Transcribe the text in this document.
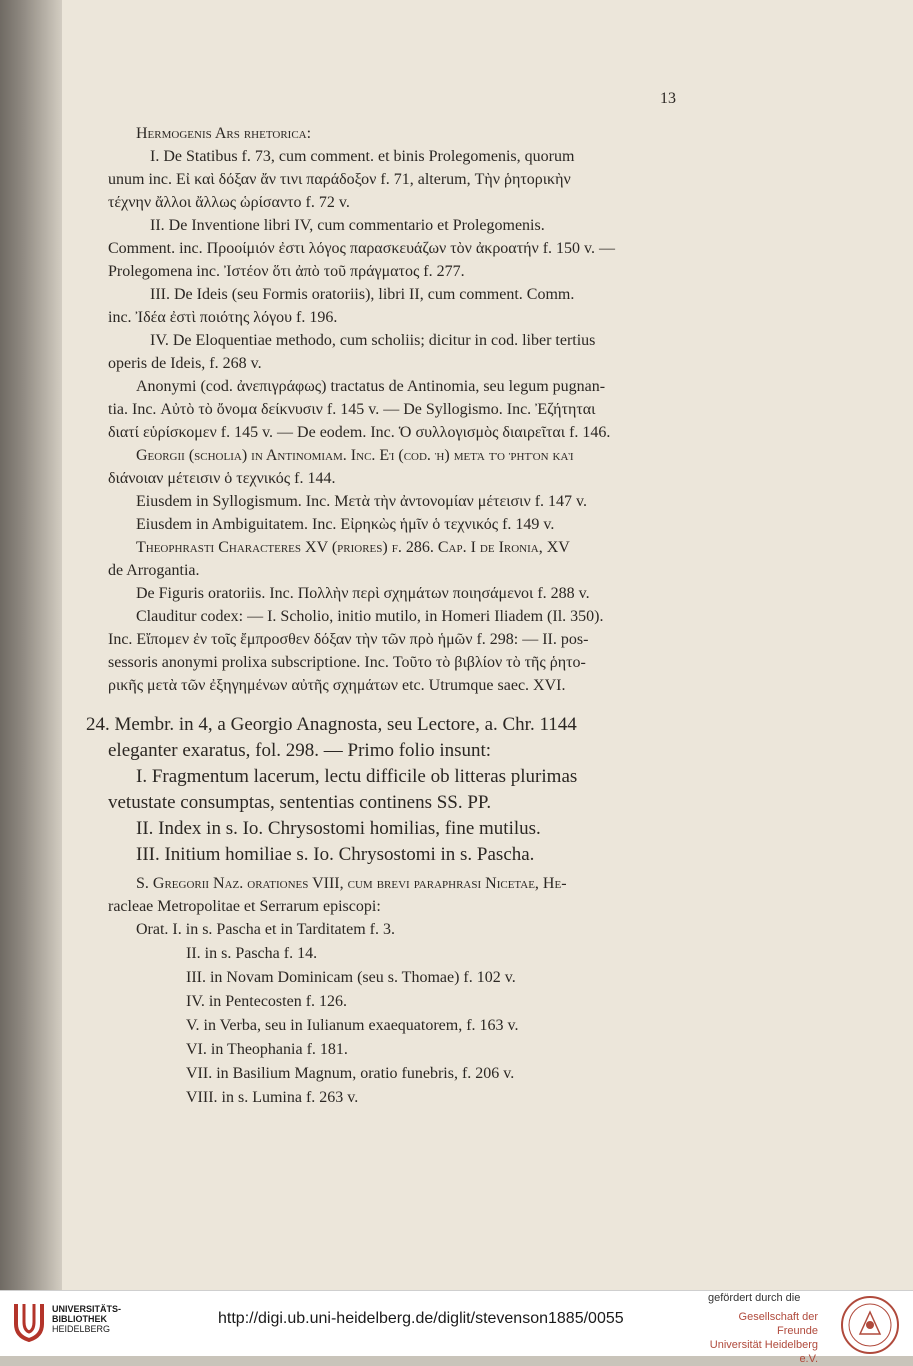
13
Hermogenis Ars rhetorica:
I. De Statibus f. 73, cum comment. et binis Prolegomenis, quorum
unum inc. Εἰ καὶ δόξαν ἄν τινι παράδοξον f. 71, alterum, Τὴν ῥητορικὴν
τέχνην ἄλλοι ἄλλως ὡρίσαντο f. 72 v.
II. De Inventione libri IV, cum commentario et Prolegomenis.
Comment. inc. Προοίμιόν ἐστι λόγος παρασκευάζων τὸν ἀκροατήν f. 150 v. —
Prolegomena inc. Ἰστέον ὅτι ἀπὸ τοῦ πράγματος f. 277.
III. De Ideis (seu Formis oratoriis), libri II, cum comment. Comm.
inc. Ἰδέα ἐστὶ ποιότης λόγου f. 196.
IV. De Eloquentiae methodo, cum scholiis; dicitur in cod. liber tertius
operis de Ideis, f. 268 v.
Anonymi (cod. ἀνεπιγράφως) tractatus de Antinomia, seu legum pugnan-
tia. Inc. Αὐτὸ τὸ ὄνομα δείκνυσιν f. 145 v. — De Syllogismo. Inc. Ἐζήτηται
διατί εὑρίσκομεν f. 145 v. — De eodem. Inc. Ὁ συλλογισμὸς διαιρεῖται f. 146.
Georgii (scholia) in Antinomiam. Inc. Εἰ (cod. ἡ) μετὰ τὸ ῥητὸν καὶ
διάνοιαν μέτεισιν ὁ τεχνικός f. 144.
Eiusdem in Syllogismum. Inc. Μετὰ τὴν ἀντονομίαν μέτεισιν f. 147 v.
Eiusdem in Ambiguitatem. Inc. Εἰρηκὼς ἡμῖν ὁ τεχνικός f. 149 v.
Theophrasti Characteres XV (priores) f. 286. Cap. I de Ironia, XV
de Arrogantia.
De Figuris oratoriis. Inc. Πολλὴν περὶ σχημάτων ποιησάμενοι f. 288 v.
Clauditur codex: — I. Scholio, initio mutilo, in Homeri Iliadem (Il. 350).
Inc. Εἴπομεν ἐν τοῖς ἔμπροσθεν δόξαν τὴν τῶν πρὸ ἡμῶν f. 298: — II. pos-
sessoris anonymi prolixa subscriptione. Inc. Τοῦτο τὸ βιβλίον τὸ τῆς ῥητο-
ρικῆς μετὰ τῶν ἐξηγημένων αὐτῆς σχημάτων etc. Utrumque saec. XVI.
24. Membr. in 4, a Georgio Anagnosta, seu Lectore, a. Chr. 1144
eleganter exaratus, fol. 298. — Primo folio insunt:
I. Fragmentum lacerum, lectu difficile ob litteras plurimas
vetustate consumptas, sententias continens SS. PP.
II. Index in s. Io. Chrysostomi homilias, fine mutilus.
III. Initium homiliae s. Io. Chrysostomi in s. Pascha.
S. Gregorii Naz. orationes VIII, cum brevi paraphrasi Nicetae, He-
racleae Metropolitae et Serrarum episcopi:
Orat. I. in s. Pascha et in Tarditatem f. 3.
II. in s. Pascha f. 14.
III. in Novam Dominicam (seu s. Thomae) f. 102 v.
IV. in Pentecosten f. 126.
V. in Verba, seu in Iulianum exaequatorem, f. 163 v.
VI. in Theophania f. 181.
VII. in Basilium Magnum, oratio funebris, f. 206 v.
VIII. in s. Lumina f. 263 v.
UNIVERSITÄTS-
BIBLIOTHEK
HEIDELBERG
http://digi.ub.uni-heidelberg.de/diglit/stevenson1885/0055
gefördert durch die
Gesellschaft der Freunde
Universität Heidelberg e.V.
